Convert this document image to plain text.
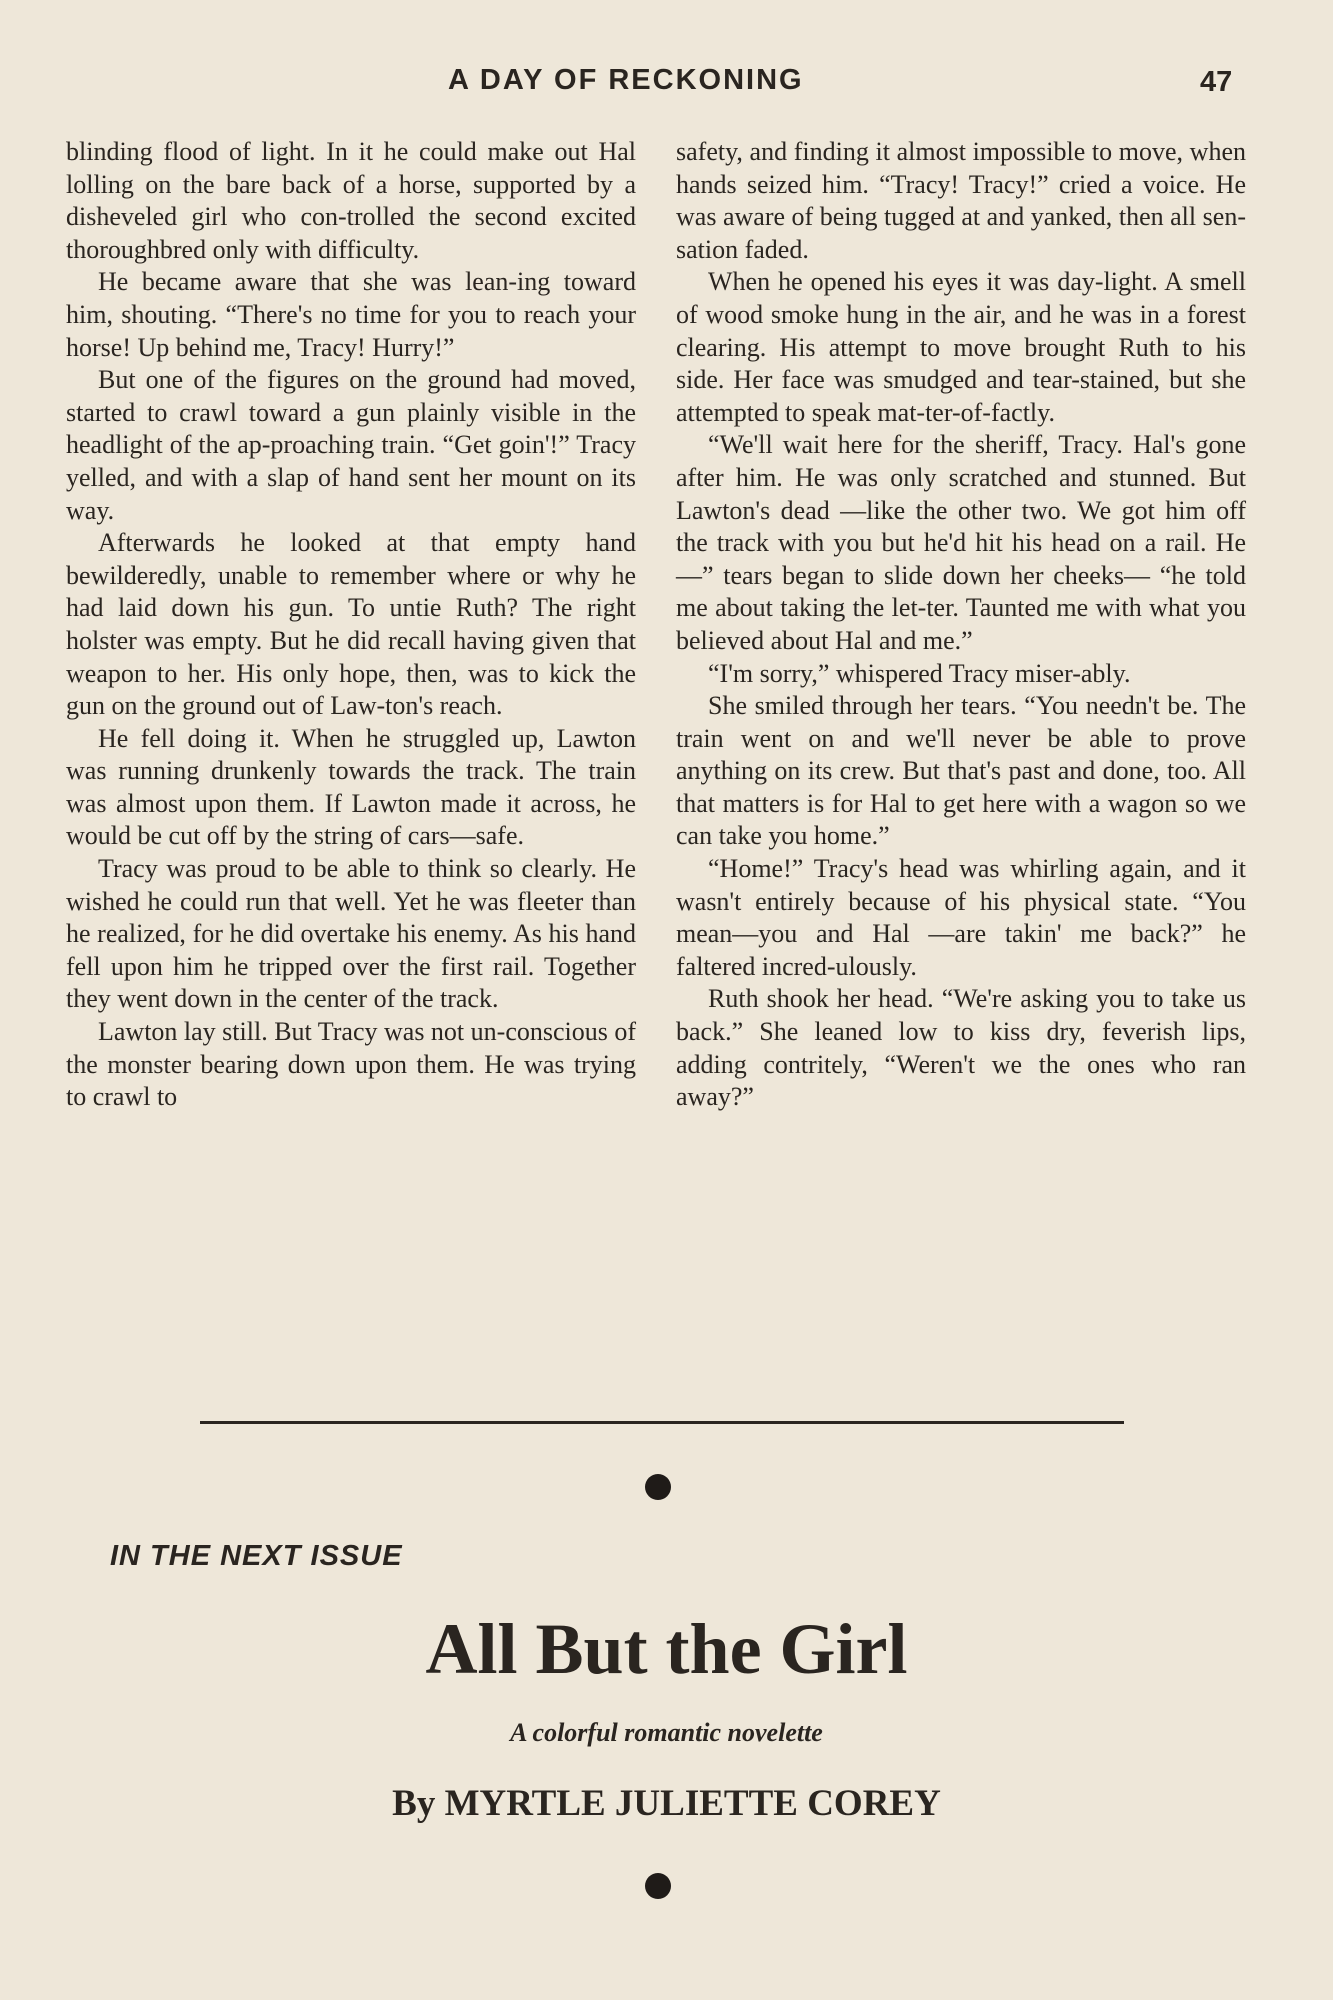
A DAY OF RECKONING	47

blinding flood of light. In it he could make out Hal lolling on the bare back of a horse, supported by a disheveled girl who con-trolled the second excited thoroughbred only with difficulty.

He became aware that she was lean-ing toward him, shouting. “There's no time for you to reach your horse! Up behind me, Tracy! Hurry!”

But one of the figures on the ground had moved, started to crawl toward a gun plainly visible in the headlight of the ap-proaching train. “Get goin'!” Tracy yelled, and with a slap of hand sent her mount on its way.

Afterwards he looked at that empty hand bewilderedly, unable to remember where or why he had laid down his gun. To untie Ruth? The right holster was empty. But he did recall having given that weapon to her. His only hope, then, was to kick the gun on the ground out of Law-ton's reach.

He fell doing it. When he struggled up, Lawton was running drunkenly towards the track. The train was almost upon them. If Lawton made it across, he would be cut off by the string of cars—safe.

Tracy was proud to be able to think so clearly. He wished he could run that well. Yet he was fleeter than he realized, for he did overtake his enemy. As his hand fell upon him he tripped over the first rail. Together they went down in the center of the track.

Lawton lay still. But Tracy was not un-conscious of the monster bearing down upon them. He was trying to crawl to

safety, and finding it almost impossible to move, when hands seized him. “Tracy! Tracy!” cried a voice. He was aware of being tugged at and yanked, then all sen-sation faded.

When he opened his eyes it was day-light. A smell of wood smoke hung in the air, and he was in a forest clearing. His attempt to move brought Ruth to his side. Her face was smudged and tear-stained, but she attempted to speak mat-ter-of-factly.

“We'll wait here for the sheriff, Tracy. Hal's gone after him. He was only scratched and stunned. But Lawton's dead —like the other two. We got him off the track with you but he'd hit his head on a rail. He—” tears began to slide down her cheeks— “he told me about taking the let-ter. Taunted me with what you believed about Hal and me.”

“I'm sorry,” whispered Tracy miser-ably.

She smiled through her tears. “You needn't be. The train went on and we'll never be able to prove anything on its crew. But that's past and done, too. All that matters is for Hal to get here with a wagon so we can take you home.”

“Home!” Tracy's head was whirling again, and it wasn't entirely because of his physical state. “You mean—you and Hal —are takin' me back?” he faltered incred-ulously.

Ruth shook her head. “We're asking you to take us back.” She leaned low to kiss dry, feverish lips, adding contritely, “Weren't we the ones who ran away?”

IN THE NEXT ISSUE
All But the Girl
A colorful romantic novelette
By MYRTLE JULIETTE COREY
